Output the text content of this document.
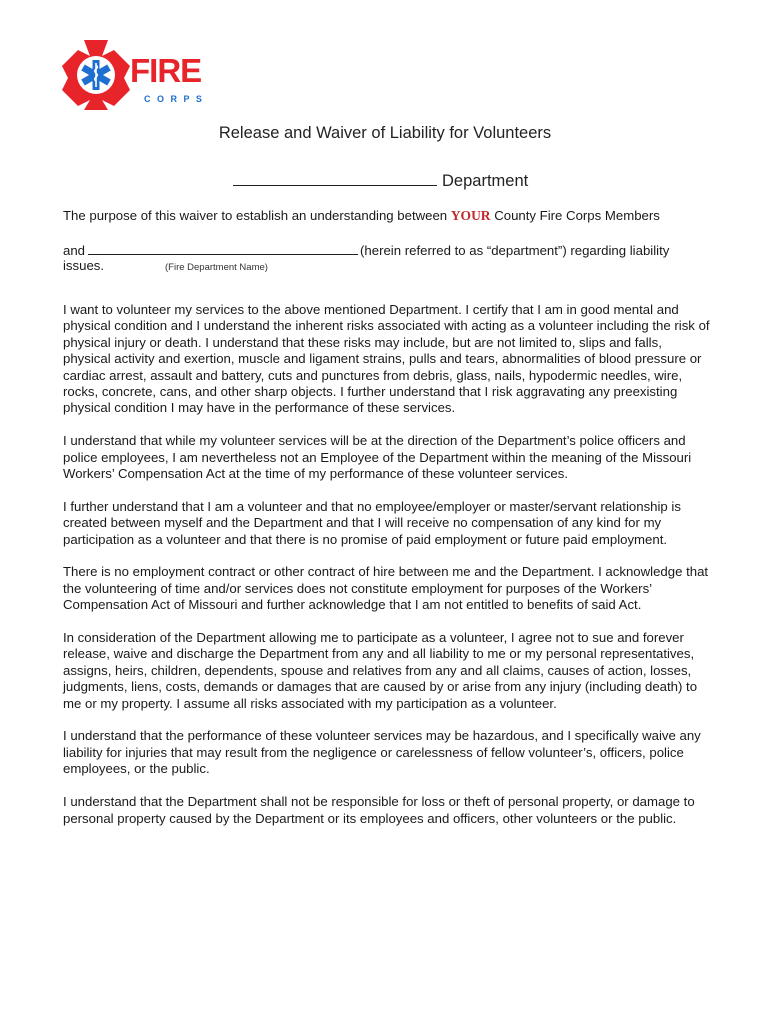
FIRE
C O R P S
Release and Waiver of Liability for Volunteers
Department
The purpose of this waiver to establish an understanding between YOUR County Fire Corps Members
and	(herein referred to as “department”) regarding liability
issues.	(Fire Department Name)

I want to volunteer my services to the above mentioned Department. I certify that I am in good mental and physical condition and I understand the inherent risks associated with acting as a volunteer including the risk of physical injury or death. I understand that these risks may include, but are not limited to, slips and falls, physical activity and exertion, muscle and ligament strains, pulls and tears, abnormalities of blood pressure or cardiac arrest, assault and battery, cuts and punctures from debris, glass, nails, hypodermic needles, wire, rocks, concrete, cans, and other sharp objects. I further understand that I risk aggravating any preexisting physical condition I may have in the performance of these services.

I understand that while my volunteer services will be at the direction of the Department’s police officers and police employees, I am nevertheless not an Employee of the Department within the meaning of the Missouri Workers’ Compensation Act at the time of my performance of these volunteer services.

I further understand that I am a volunteer and that no employee/employer or master/servant relationship is created between myself and the Department and that I will receive no compensation of any kind for my participation as a volunteer and that there is no promise of paid employment or future paid employment.

There is no employment contract or other contract of hire between me and the Department. I acknowledge that the volunteering of time and/or services does not constitute employment for purposes of the Workers’ Compensation Act of Missouri and further acknowledge that I am not entitled to benefits of said Act.

In consideration of the Department allowing me to participate as a volunteer, I agree not to sue and forever release, waive and discharge the Department from any and all liability to me or my personal representatives, assigns, heirs, children, dependents, spouse and relatives from any and all claims, causes of action, losses, judgments, liens, costs, demands or damages that are caused by or arise from any injury (including death) to me or my property. I assume all risks associated with my participation as a volunteer.

I understand that the performance of these volunteer services may be hazardous, and I specifically waive any liability for injuries that may result from the negligence or carelessness of fellow volunteer’s, officers, police employees, or the public.

I understand that the Department shall not be responsible for loss or theft of personal property, or damage to personal property caused by the Department or its employees and officers, other volunteers or the public.
